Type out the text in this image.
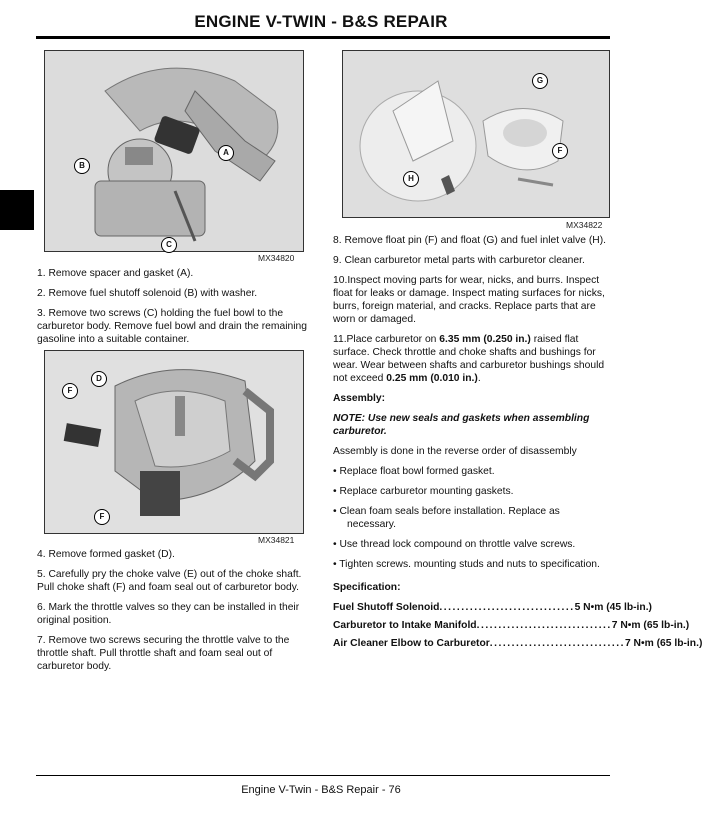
ENGINE V-TWIN - B&S REPAIR
A
B
C
MX34820
D
F
F
MX34821
G
F
H
MX34822

1. Remove spacer and gasket (A).

2. Remove fuel shutoff solenoid (B) with washer.

3. Remove two screws (C) holding the fuel bowl to the carburetor body. Remove fuel bowl and drain the remaining gasoline into a suitable container.

4. Remove formed gasket (D).

5. Carefully pry the choke valve (E) out of the choke shaft. Pull choke shaft (F) and foam seal out of carburetor body.

6. Mark the throttle valves so they can be installed in their original position.

7. Remove two screws securing the throttle valve to the throttle shaft. Pull throttle shaft and foam seal out of carburetor body.

8. Remove float pin (F) and float (G) and fuel inlet valve (H).

9. Clean carburetor metal parts with carburetor cleaner.

10.Inspect moving parts for wear, nicks, and burrs. Inspect float for leaks or damage. Inspect mating surfaces for nicks, burrs, foreign material, and cracks. Replace parts that are worn or damaged.

11.Place carburetor on 6.35 mm (0.250 in.) raised flat surface. Check throttle and choke shafts and bushings for wear. Wear between shafts and carburetor bushings should not exceed 0.25 mm (0.010 in.).

Assembly:

NOTE: Use new seals and gaskets when assembling carburetor.

Assembly is done in the reverse order of disassembly

• Replace float bowl formed gasket.

• Replace carburetor mounting gaskets.

• Clean foam seals before installation. Replace as necessary.

• Use thread lock compound on throttle valve screws.

• Tighten screws. mounting studs and nuts to specification.

Specification:

Fuel Shutoff Solenoid ............................... 5 N•m (45 lb-in.)
Carburetor to Intake Manifold ............................... 7 N•m (65 lb-in.)
Air Cleaner Elbow to Carburetor ............................... 7 N•m (65 lb-in.)
Engine V-Twin - B&S Repair - 76
